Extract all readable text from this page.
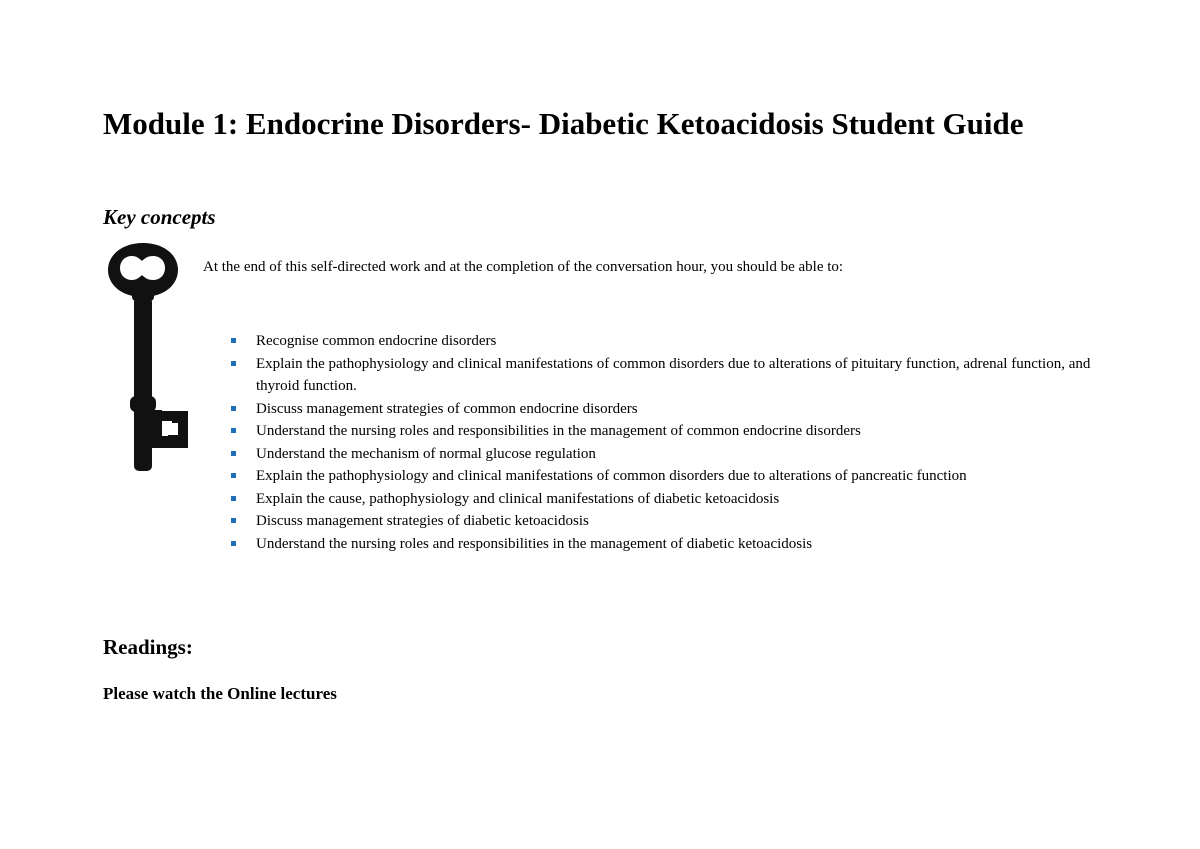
Module 1: Endocrine Disorders- Diabetic Ketoacidosis Student Guide
Key concepts

At the end of this self-directed work and at the completion of the conversation hour, you should be able to:

Recognise common endocrine disorders
Explain the pathophysiology and clinical manifestations of common disorders due to alterations of pituitary function, adrenal function, and thyroid function.
Discuss management strategies of common endocrine disorders
Understand the nursing roles and responsibilities in the management of common endocrine disorders
Understand the mechanism of normal glucose regulation
Explain the pathophysiology and clinical manifestations of common disorders due to alterations of pancreatic function
Explain the cause, pathophysiology and clinical manifestations of diabetic ketoacidosis
Discuss management strategies of diabetic ketoacidosis
Understand the nursing roles and responsibilities in the management of diabetic ketoacidosis
Readings:

Please watch the Online lectures
